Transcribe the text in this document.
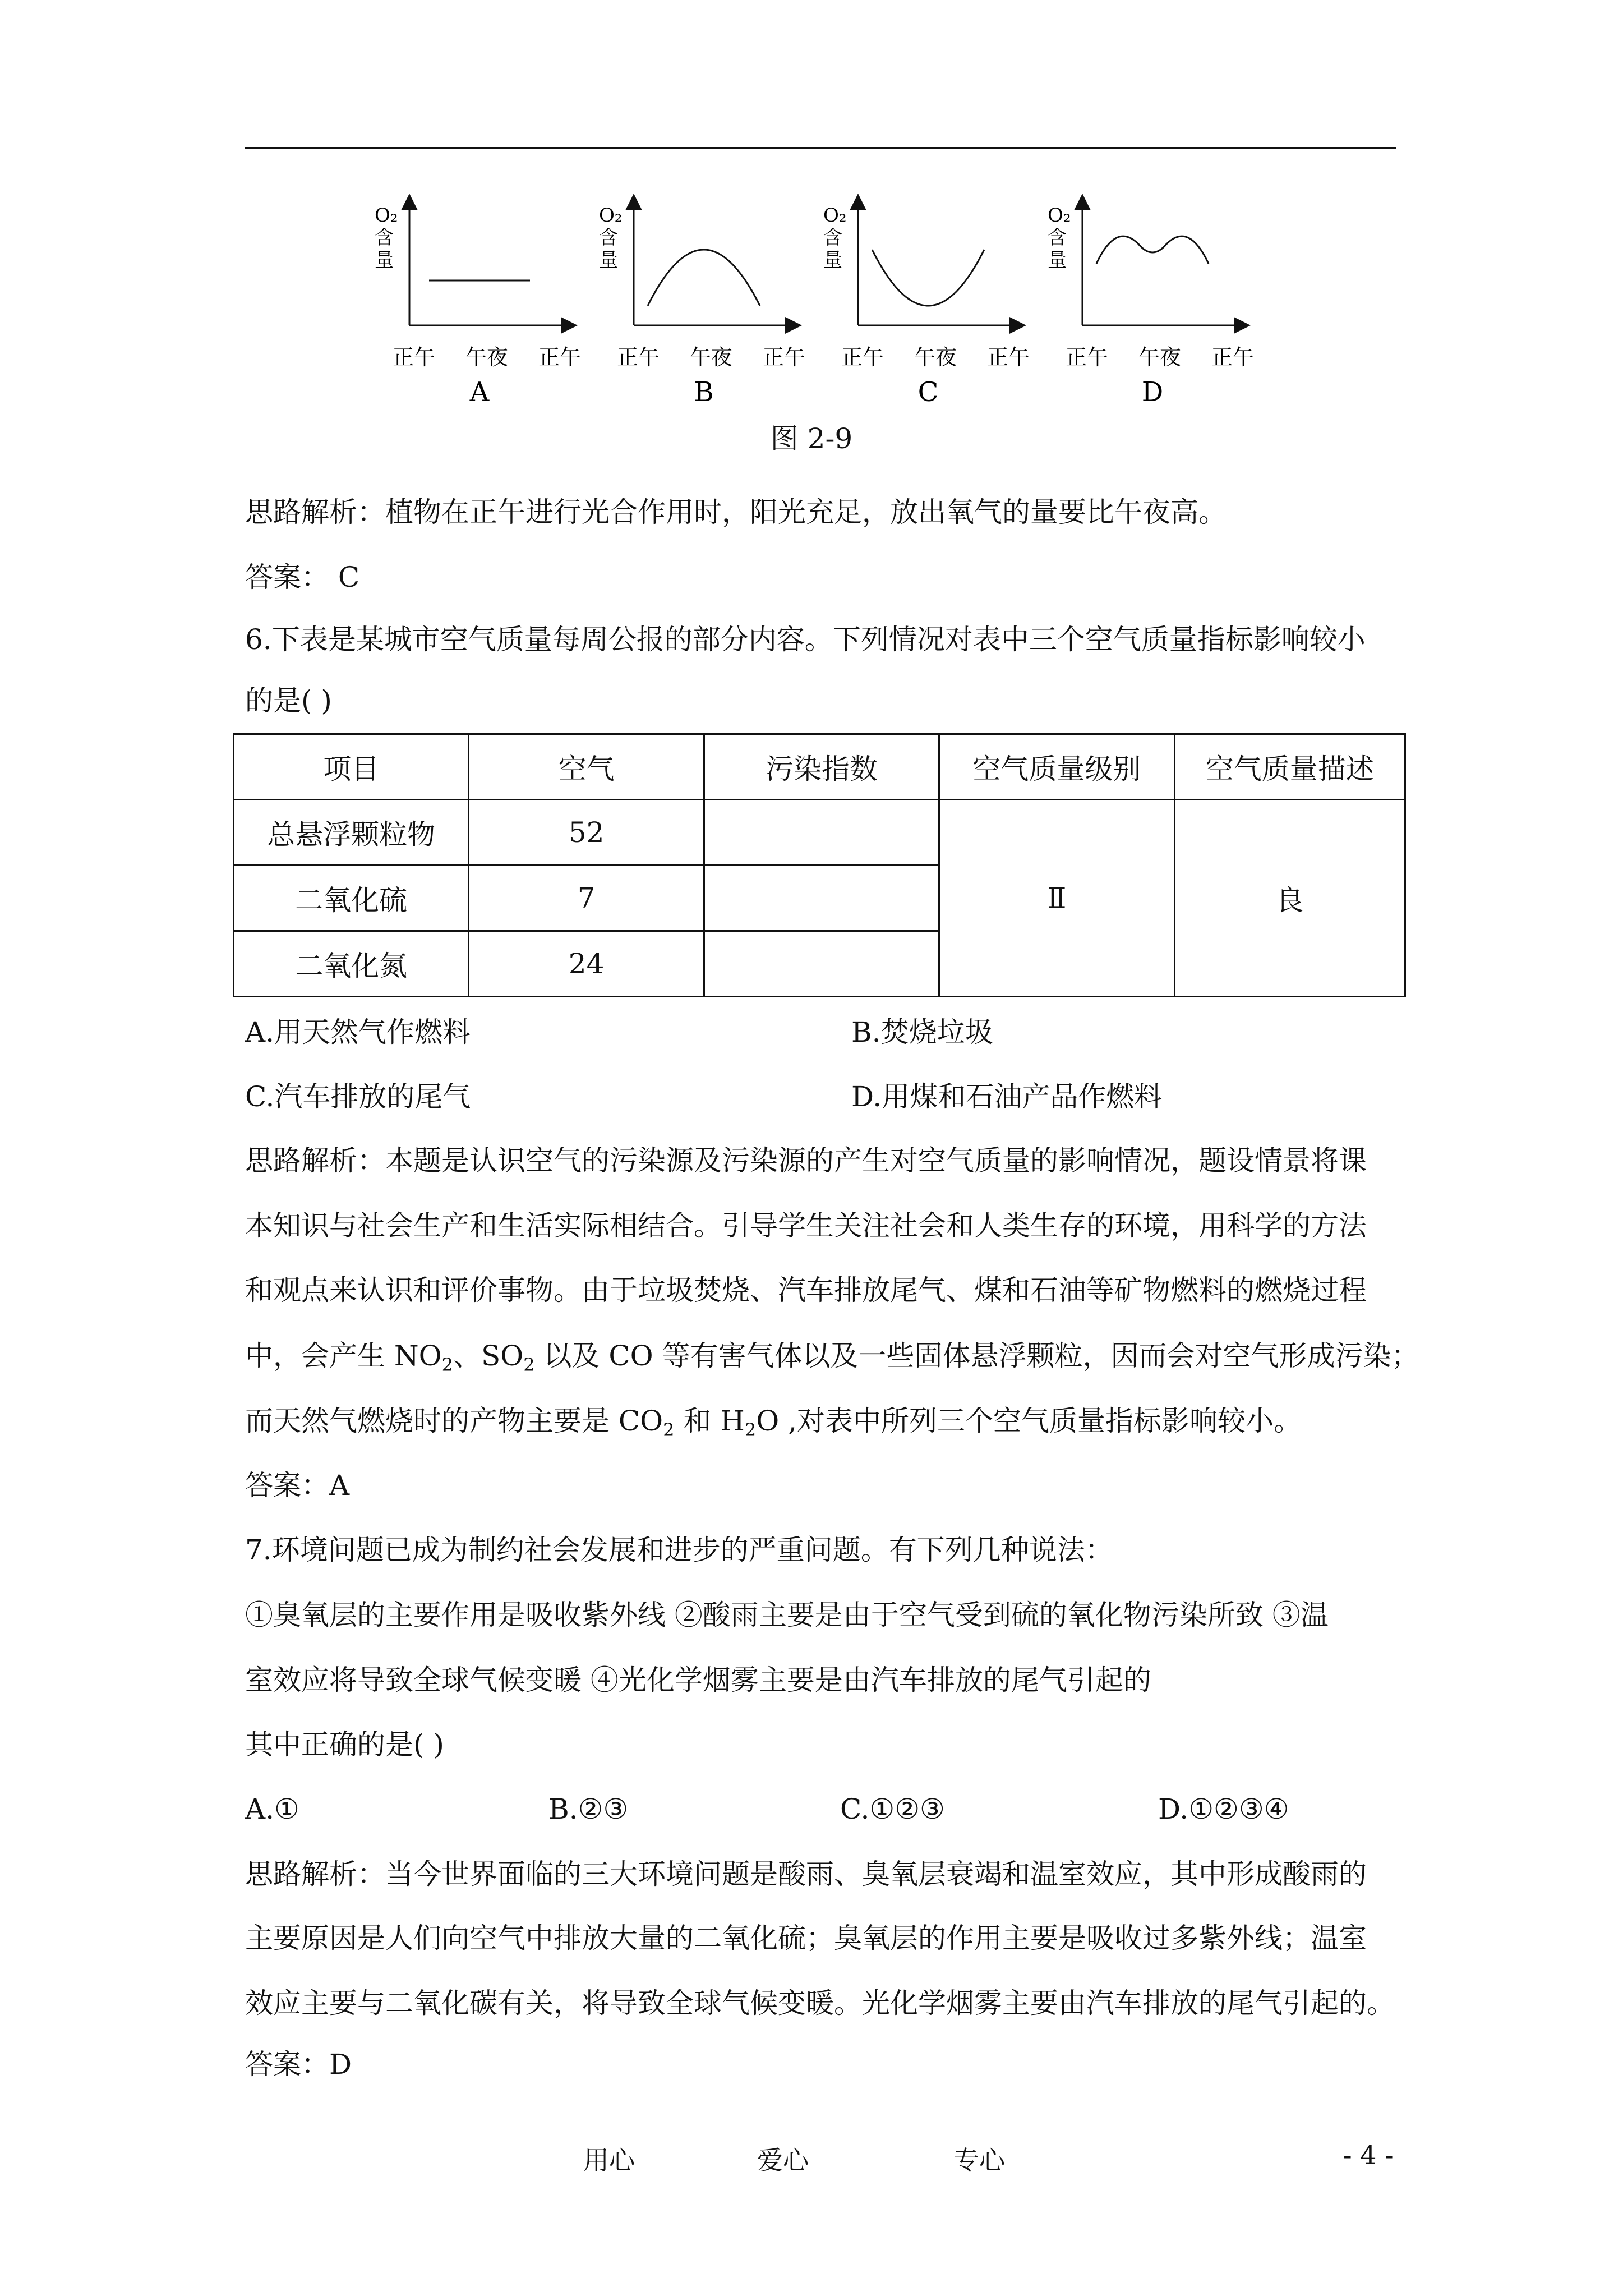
O₂
含
量
正午 午夜 正午
A
O₂
含
量
正午 午夜 正午
B
O₂
含
量
正午 午夜 正午
C
O₂
含
量
正午 午夜 正午
D
图 2-9
思路解析：植物在正午进行光合作用时，阳光充足，放出氧气的量要比午夜高。
答案： C
6.下表是某城市空气质量每周公报的部分内容。下列情况对表中三个空气质量指标影响较小
的是( )
项目	空气	污染指数	空气质量级别	空气质量描述
总悬浮颗粒物	52		Ⅱ	良
二氧化硫	7			
二氧化氮	24			
A.用天然气作燃料	B.焚烧垃圾
C.汽车排放的尾气	D.用煤和石油产品作燃料
思路解析：本题是认识空气的污染源及污染源的产生对空气质量的影响情况，题设情景将课
本知识与社会生产和生活实际相结合。引导学生关注社会和人类生存的环境，用科学的方法
和观点来认识和评价事物。由于垃圾焚烧、汽车排放尾气、煤和石油等矿物燃料的燃烧过程
中，会产生 $NO_2$、$SO_2$ 以及 CO 等有害气体以及一些固体悬浮颗粒，因而会对空气形成污染；
而天然气燃烧时的产物主要是 $CO_2$ 和 $H_2O$ ,对表中所列三个空气质量指标影响较小。
答案：A
7.环境问题已成为制约社会发展和进步的严重问题。有下列几种说法：
①臭氧层的主要作用是吸收紫外线 ②酸雨主要是由于空气受到硫的氧化物污染所致 ③温
室效应将导致全球气候变暖 ④光化学烟雾主要是由汽车排放的尾气引起的
其中正确的是( )
A.①	B.②③	C.①②③	D.①②③④
思路解析：当今世界面临的三大环境问题是酸雨、臭氧层衰竭和温室效应，其中形成酸雨的
主要原因是人们向空气中排放大量的二氧化硫；臭氧层的作用主要是吸收过多紫外线；温室
效应主要与二氧化碳有关，将导致全球气候变暖。光化学烟雾主要由汽车排放的尾气引起的。
答案：D
用心	爱心	专心	- 4 -
